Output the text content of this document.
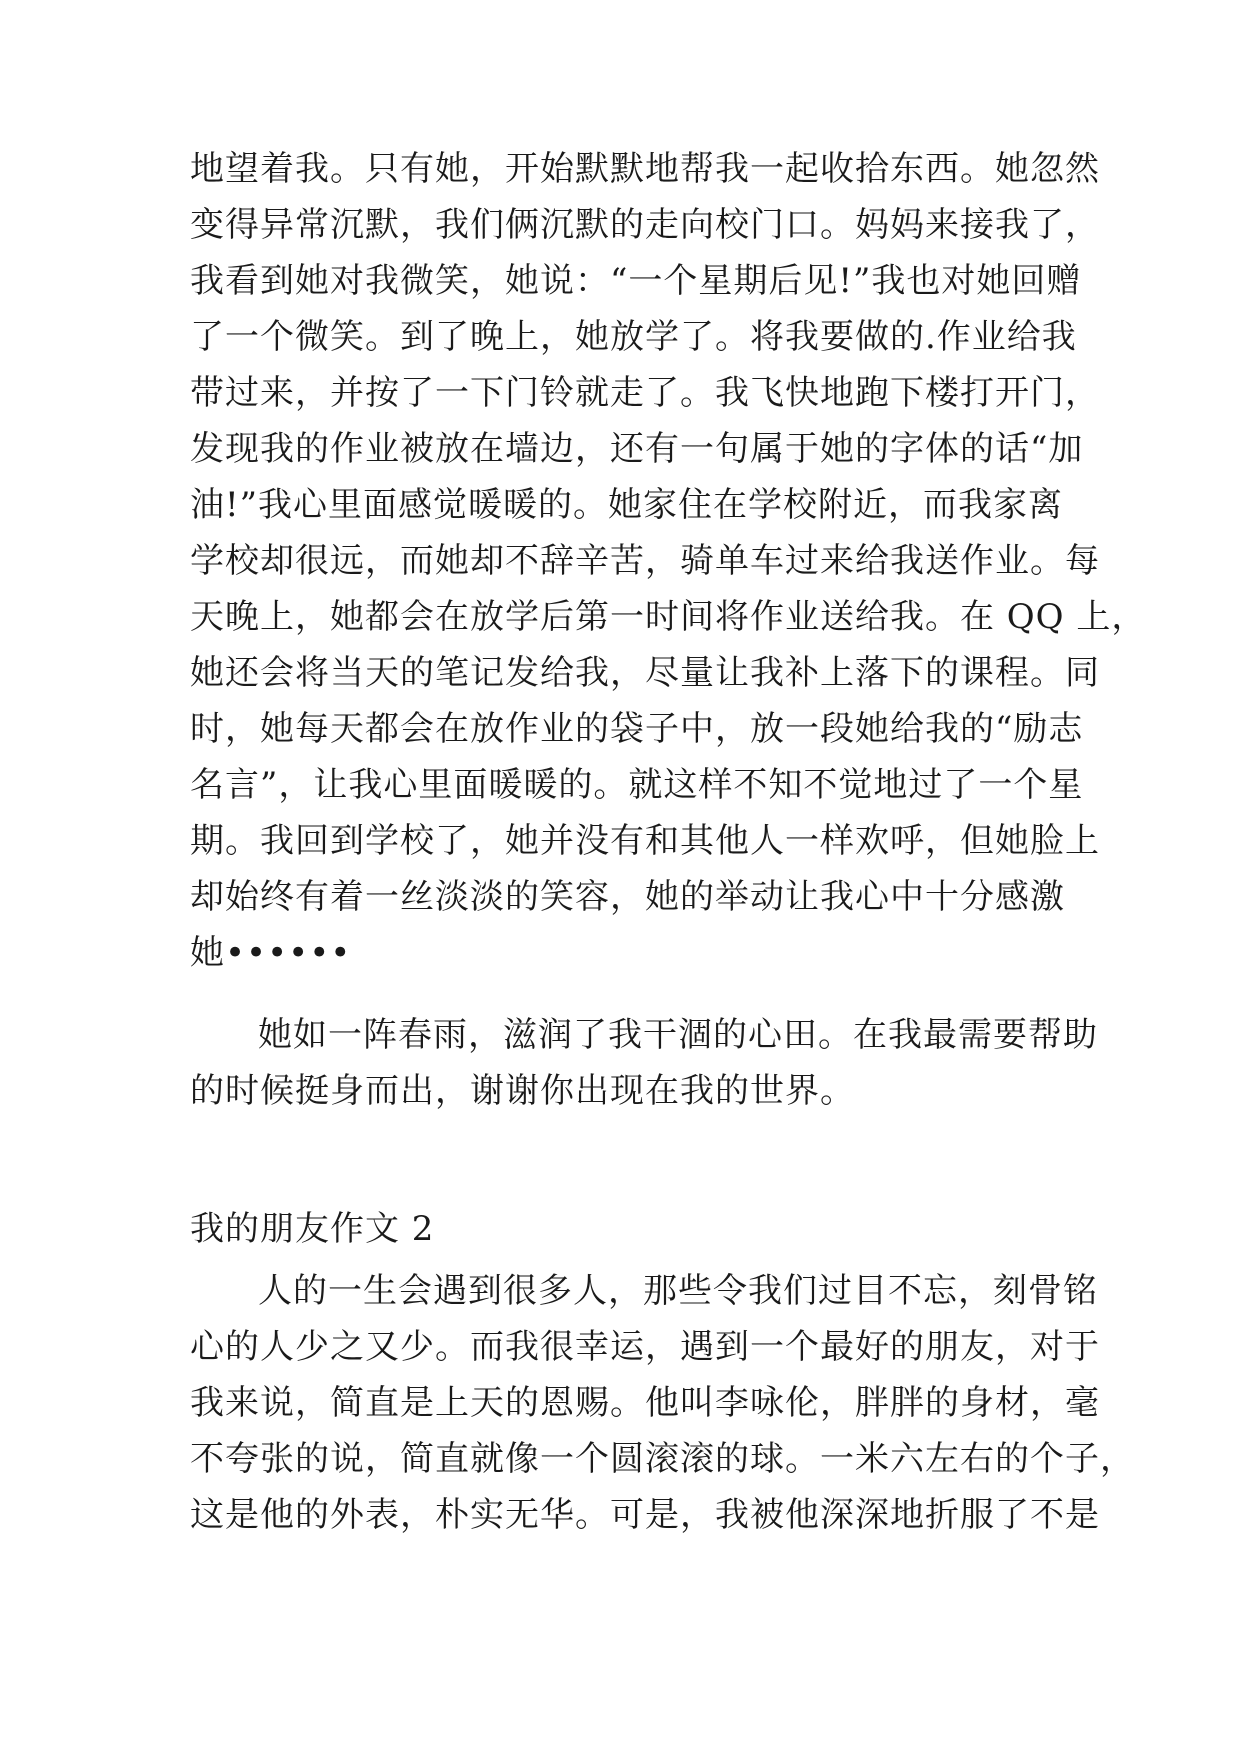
地望着我。只有她，开始默默地帮我一起收拾东西。她忽然
变得异常沉默，我们俩沉默的走向校门口。妈妈来接我了，
我看到她对我微笑，她说：“一个星期后见!”我也对她回赠
了一个微笑。到了晚上，她放学了。将我要做的.作业给我
带过来，并按了一下门铃就走了。我飞快地跑下楼打开门，
发现我的作业被放在墙边，还有一句属于她的字体的话“加
油!”我心里面感觉暖暖的。她家住在学校附近，而我家离
学校却很远，而她却不辞辛苦，骑单车过来给我送作业。每
天晚上，她都会在放学后第一时间将作业送给我。在 QQ 上，
她还会将当天的笔记发给我，尽量让我补上落下的课程。同
时，她每天都会在放作业的袋子中，放一段她给我的“励志
名言”，让我心里面暖暖的。就这样不知不觉地过了一个星
期。我回到学校了，她并没有和其他人一样欢呼，但她脸上
却始终有着一丝淡淡的笑容，她的举动让我心中十分感激
她••••••
她如一阵春雨，滋润了我干涸的心田。在我最需要帮助
的时候挺身而出，谢谢你出现在我的世界。
我的朋友作文 2
人的一生会遇到很多人，那些令我们过目不忘，刻骨铭
心的人少之又少。而我很幸运，遇到一个最好的朋友，对于
我来说，简直是上天的恩赐。他叫李咏伦，胖胖的身材，毫
不夸张的说，简直就像一个圆滚滚的球。一米六左右的个子，
这是他的外表，朴实无华。可是，我被他深深地折服了不是
